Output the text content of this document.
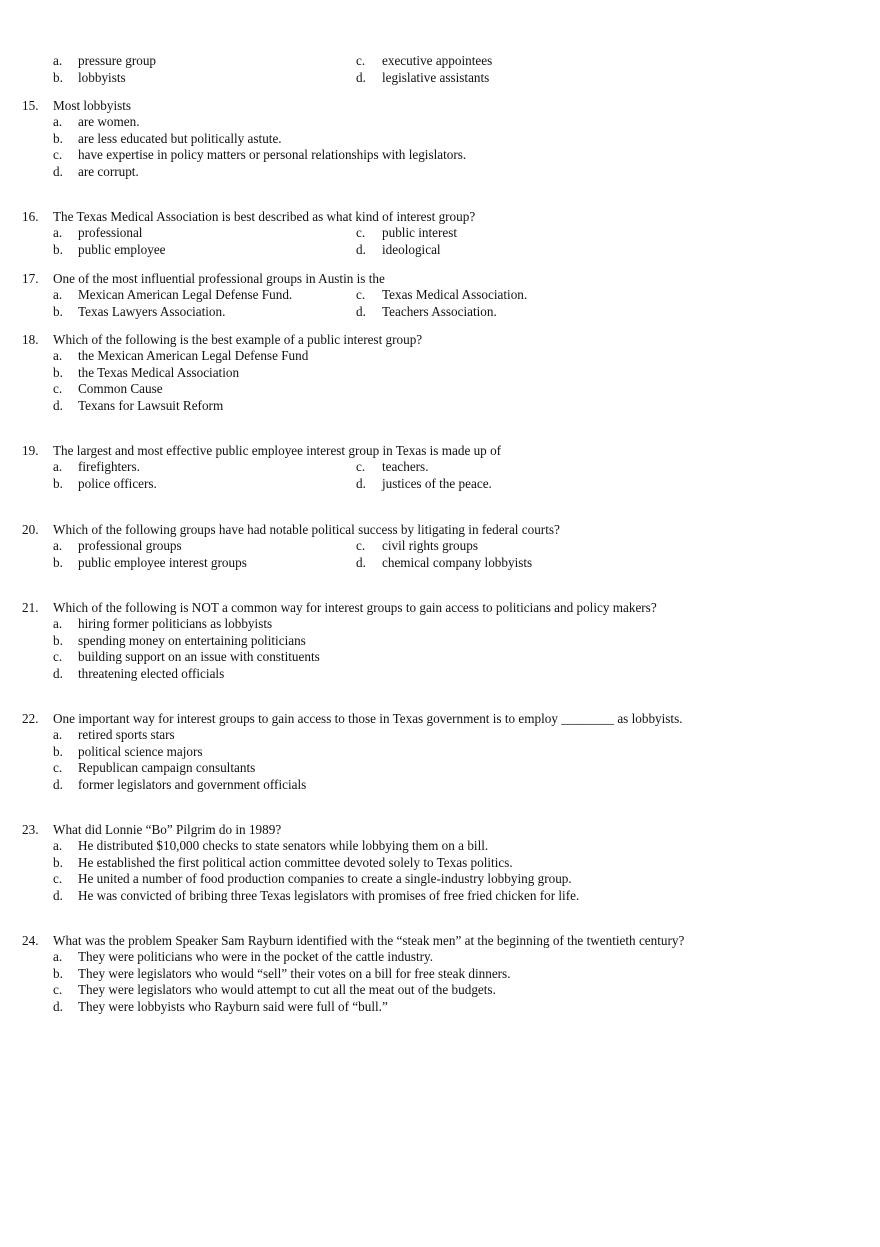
a. pressure group	c. executive appointees
b. lobbyists	d. legislative assistants
15. Most lobbyists
a. are women.
b. are less educated but politically astute.
c. have expertise in policy matters or personal relationships with legislators.
d. are corrupt.
16. The Texas Medical Association is best described as what kind of interest group?
a. professional	c. public interest
b. public employee	d. ideological
17. One of the most influential professional groups in Austin is the
a. Mexican American Legal Defense Fund.	c. Texas Medical Association.
b. Texas Lawyers Association.	d. Teachers Association.
18. Which of the following is the best example of a public interest group?
a. the Mexican American Legal Defense Fund
b. the Texas Medical Association
c. Common Cause
d. Texans for Lawsuit Reform
19. The largest and most effective public employee interest group in Texas is made up of
a. firefighters.	c. teachers.
b. police officers.	d. justices of the peace.
20. Which of the following groups have had notable political success by litigating in federal courts?
a. professional groups	c. civil rights groups
b. public employee interest groups	d. chemical company lobbyists
21. Which of the following is NOT a common way for interest groups to gain access to politicians and policy makers?
a. hiring former politicians as lobbyists
b. spending money on entertaining politicians
c. building support on an issue with constituents
d. threatening elected officials
22. One important way for interest groups to gain access to those in Texas government is to employ ________ as lobbyists.
a. retired sports stars
b. political science majors
c. Republican campaign consultants
d. former legislators and government officials
23. What did Lonnie “Bo” Pilgrim do in 1989?
a. He distributed $10,000 checks to state senators while lobbying them on a bill.
b. He established the first political action committee devoted solely to Texas politics.
c. He united a number of food production companies to create a single-industry lobbying group.
d. He was convicted of bribing three Texas legislators with promises of free fried chicken for life.
24. What was the problem Speaker Sam Rayburn identified with the “steak men” at the beginning of the twentieth century?
a. They were politicians who were in the pocket of the cattle industry.
b. They were legislators who would “sell” their votes on a bill for free steak dinners.
c. They were legislators who would attempt to cut all the meat out of the budgets.
d. They were lobbyists who Rayburn said were full of “bull.”
